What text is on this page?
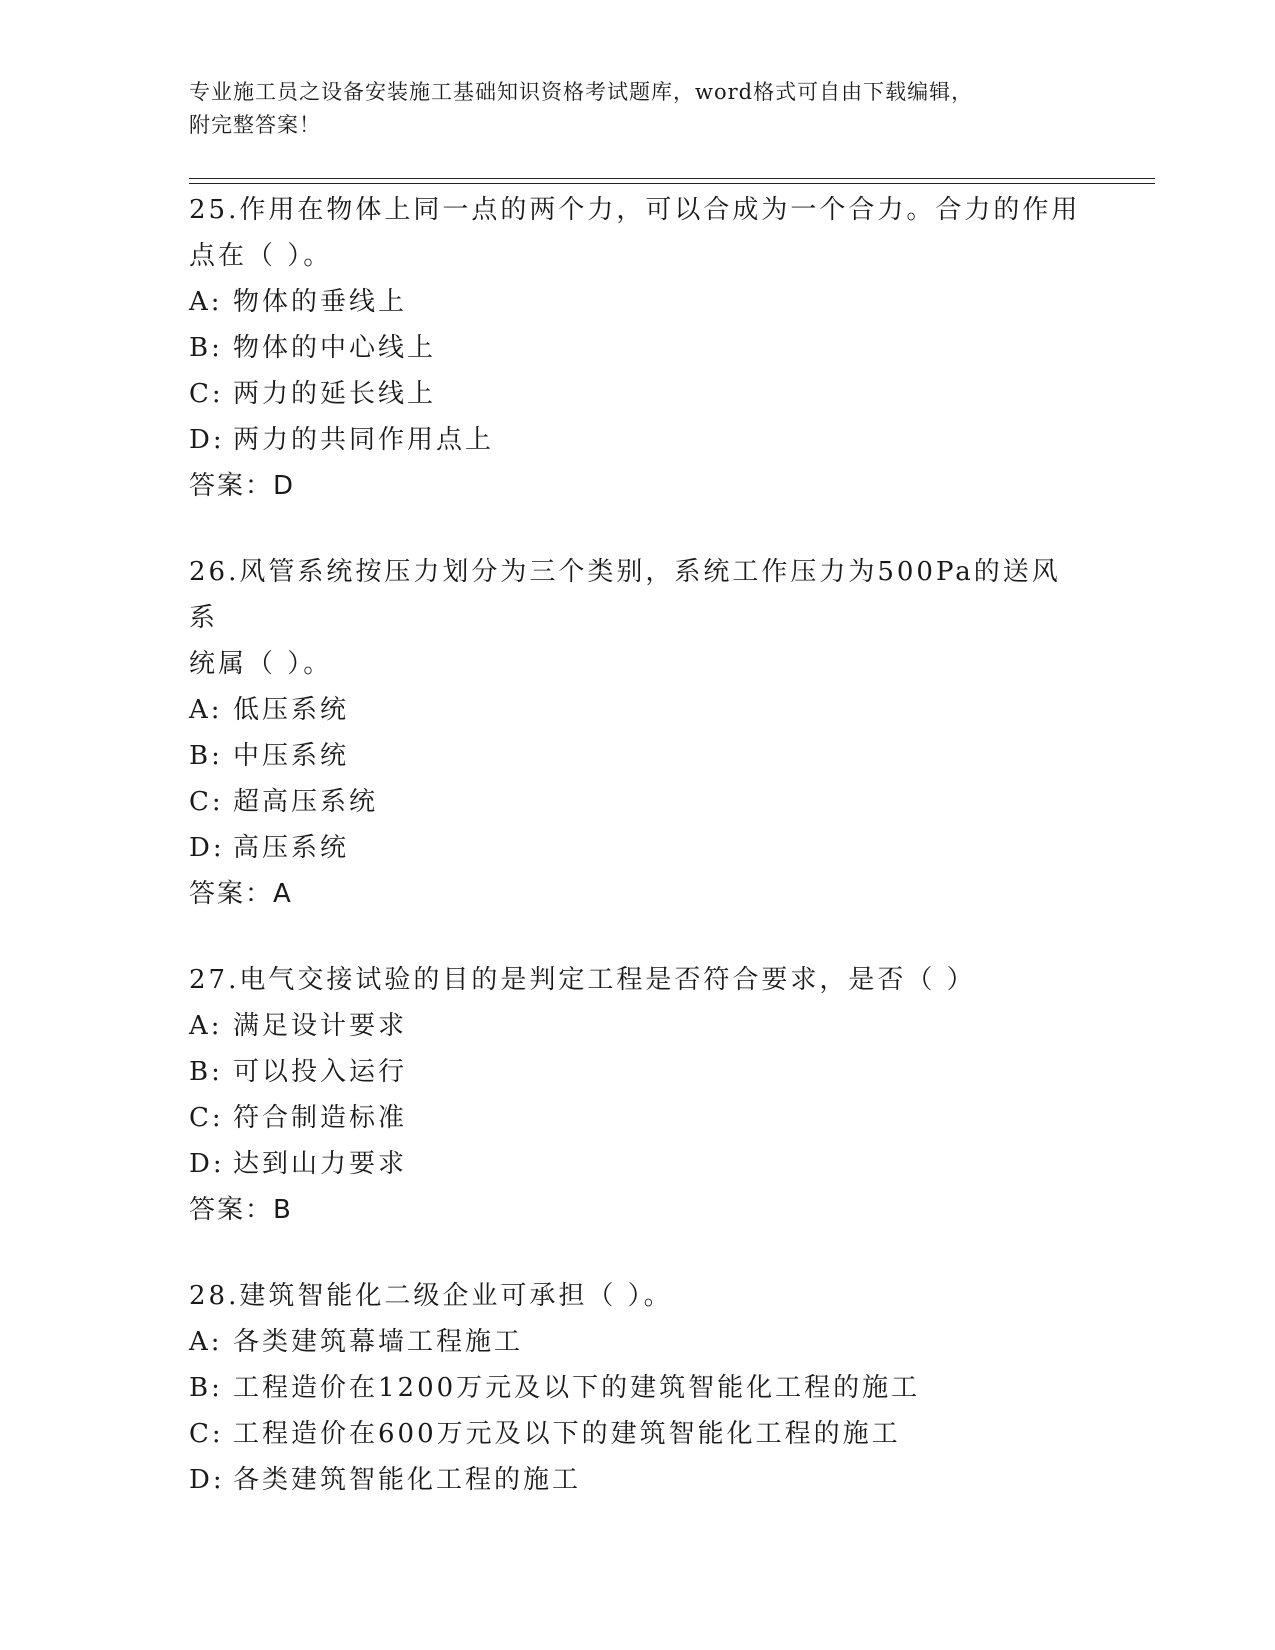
专业施工员之设备安装施工基础知识资格考试题库，word格式可自由下载编辑，
附完整答案！
25.作用在物体上同一点的两个力，可以合成为一个合力。合力的作用
点在（ ）。
A: 物体的垂线上
B: 物体的中心线上
C: 两力的延长线上
D: 两力的共同作用点上
答案：D
26.风管系统按压力划分为三个类别，系统工作压力为500Pa的送风系
统属（ ）。
A: 低压系统
B: 中压系统
C: 超高压系统
D: 高压系统
答案：A
27.电气交接试验的目的是判定工程是否符合要求，是否（ ）
A: 满足设计要求
B: 可以投入运行
C: 符合制造标准
D: 达到山力要求
答案：B
28.建筑智能化二级企业可承担（ ）。
A: 各类建筑幕墙工程施工
B: 工程造价在1200万元及以下的建筑智能化工程的施工
C: 工程造价在600万元及以下的建筑智能化工程的施工
D: 各类建筑智能化工程的施工
